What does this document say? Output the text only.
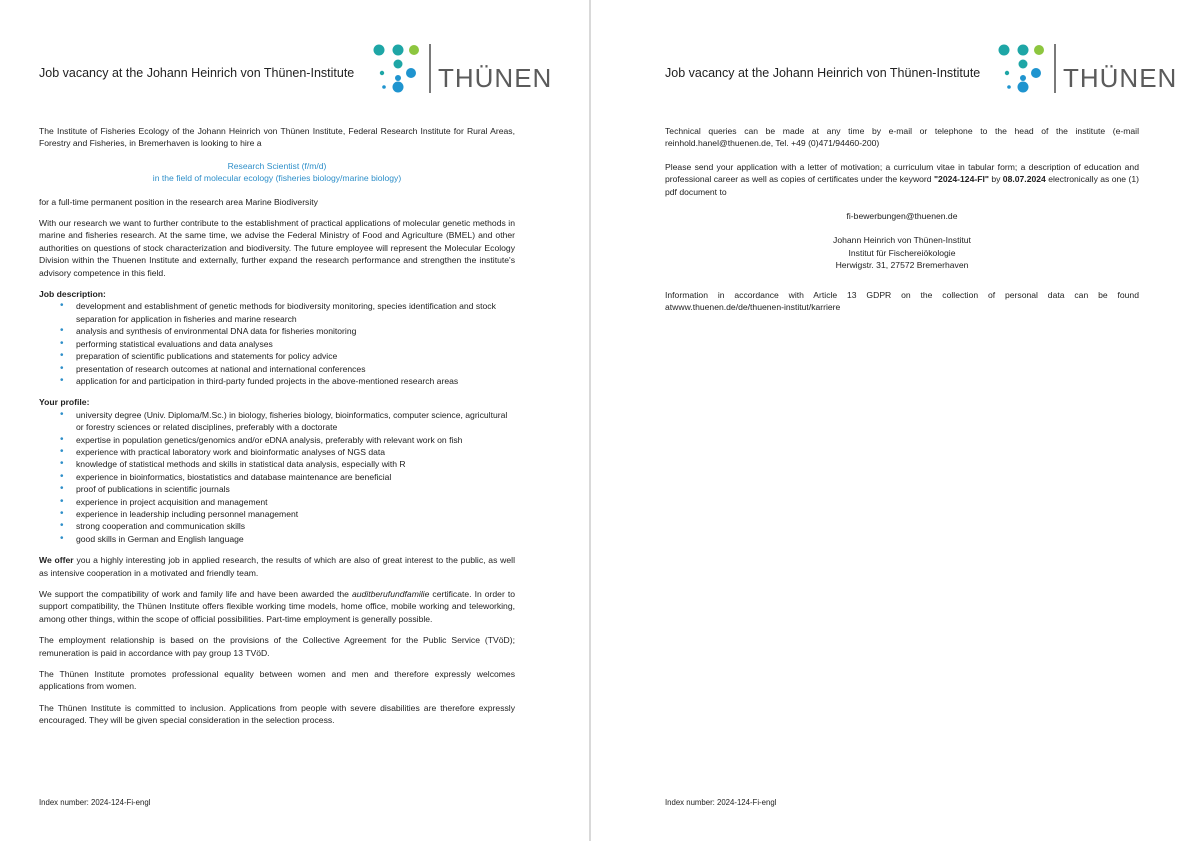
Job vacancy at the Johann Heinrich von Thünen-Institute	THÜNEN

The Institute of Fisheries Ecology of the Johann Heinrich von Thünen Institute, Federal Research Institute for Rural Areas, Forestry and Fisheries, in Bremerhaven is looking to hire a

Research Scientist (f/m/d)

in the field of molecular ecology (fisheries biology/marine biology)

for a full-time permanent position in the research area Marine Biodiversity

With our research we want to further contribute to the establishment of practical applications of molecular genetic methods in marine and fisheries research. At the same time, we advise the Federal Ministry of Food and Agriculture (BMEL) and other authorities on questions of stock characterization and biodiversity. The future employee will represent the Molecular Ecology Division within the Thuenen Institute and externally, further expand the research performance and strengthen the institute's advisory competence in this field.

Job description:
• development and establishment of genetic methods for biodiversity monitoring, species identification and stock separation for application in fisheries and marine research
• analysis and synthesis of environmental DNA data for fisheries monitoring
• performing statistical evaluations and data analyses
• preparation of scientific publications and statements for policy advice
• presentation of research outcomes at national and international conferences
• application for and participation in third-party funded projects in the above-mentioned research areas
Your profile:
• university degree (Univ. Diploma/M.Sc.) in biology, fisheries biology, bioinformatics, computer science, agricultural or forestry sciences or related disciplines, preferably with a doctorate
• expertise in population genetics/genomics and/or eDNA analysis, preferably with relevant work on fish
• experience with practical laboratory work and bioinformatic analyses of NGS data
• knowledge of statistical methods and skills in statistical data analysis, especially with R
• experience in bioinformatics, biostatistics and database maintenance are beneficial
• proof of publications in scientific journals
• experience in project acquisition and management
• experience in leadership including personnel management
• strong cooperation and communication skills
• good skills in German and English language

We offer you a highly interesting job in applied research, the results of which are also of great interest to the public, as well as intensive cooperation in a motivated and friendly team.

We support the compatibility of work and family life and have been awarded the auditberufundfamilie certificate. In order to support compatibility, the Thünen Institute offers flexible working time models, home office, mobile working and teleworking, among other things, within the scope of official possibilities. Part-time employment is generally possible.

The employment relationship is based on the provisions of the Collective Agreement for the Public Service (TVöD); remuneration is paid in accordance with pay group 13 TVöD.

The Thünen Institute promotes professional equality between women and men and therefore expressly welcomes applications from women.

The Thünen Institute is committed to inclusion. Applications from people with severe disabilities are therefore expressly encouraged. They will be given special consideration in the selection process.

Index number: 2024-124-Fi-engl
Job vacancy at the Johann Heinrich von Thünen-Institute	THÜNEN

Technical queries can be made at any time by e-mail or telephone to the head of the institute (e-mail reinhold.hanel@thuenen.de, Tel. +49 (0)471/94460-200)

Please send your application with a letter of motivation; a curriculum vitae in tabular form; a description of education and professional career as well as copies of certificates under the keyword "2024-124-FI" by 08.07.2024 electronically as one (1) pdf document to

fi-bewerbungen@thuenen.de

Johann Heinrich von Thünen-Institut
Institut für Fischereiökologie
Herwigstr. 31, 27572 Bremerhaven

Information in accordance with Article 13 GDPR on the collection of personal data can be found atwww.thuenen.de/de/thuenen-institut/karriere

Index number: 2024-124-Fi-engl
